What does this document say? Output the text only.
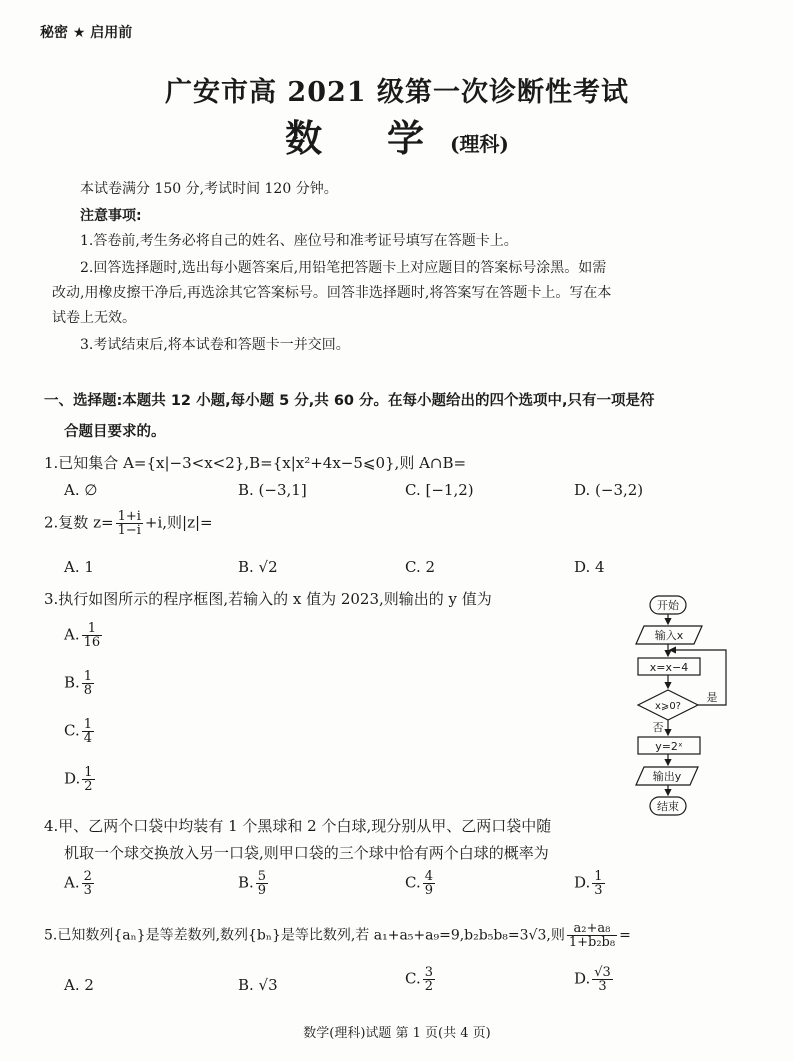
秘密 ★ 启用前
广安市高 2021 级第一次诊断性考试
数 学(理科)
本试卷满分 150 分,考试时间 120 分钟。
注意事项:
1.答卷前,考生务必将自己的姓名、座位号和准考证号填写在答题卡上。
2.回答选择题时,选出每小题答案后,用铅笔把答题卡上对应题目的答案标号涂黑。如需
改动,用橡皮擦干净后,再选涂其它答案标号。回答非选择题时,将答案写在答题卡上。写在本
试卷上无效。
3.考试结束后,将本试卷和答题卡一并交回。
一、选择题:本题共 12 小题,每小题 5 分,共 60 分。在每小题给出的四个选项中,只有一项是符
合题目要求的。
1.已知集合 A={x|−3<x<2},B={x|x²+4x−5⩽0},则 A∩B=
A. ∅	B. (−3,1]	C. [−1,2)	D. (−3,2)
2.复数 $z= \frac{1+i}{1-i} +i$,则|z|=
A. 1	B. √2	C. 2	D. 4
3.执行如图所示的程序框图,若输入的 x 值为 2023,则输出的 y 值为
A. $\frac{1}{16}$
B. $\frac{1}{8}$
C. $\frac{1}{4}$
D. $\frac{1}{2}$
开始
输入x
x=x−4
x⩾0?
是
否
y=2ˣ
输出y
结束
4.甲、乙两个口袋中均装有 1 个黑球和 2 个白球,现分别从甲、乙两口袋中随
机取一个球交换放入另一口袋,则甲口袋的三个球中恰有两个白球的概率为
A. $\frac{2}{3}$	B. $\frac{5}{9}$	C. $\frac{4}{9}$	D. $\frac{1}{3}$
5.已知数列{aₙ}是等差数列,数列{bₙ}是等比数列,若 a₁+a₅+a₉=9,b₂b₅b₈=3√3,则 $\frac{\text{a₂+a₈}}{\text{1+b₂b₈}}$ =
A. 2	B. √3	C. $\frac{3}{2}$	D. $\frac{√3}{3}$
数学(理科)试题 第 1 页(共 4 页)
